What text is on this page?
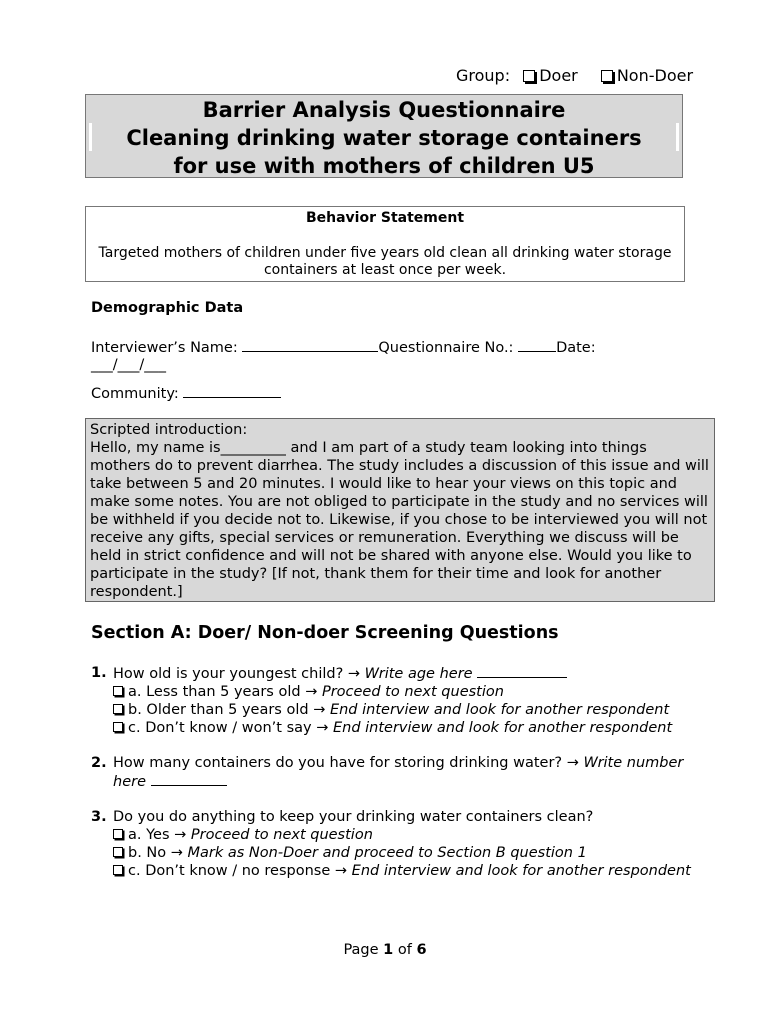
Group: Doer Non-Doer
Barrier Analysis Questionnaire
Cleaning drinking water storage containers
for use with mothers of children U5
Behavior Statement
Targeted mothers of children under five years old clean all drinking water storage containers at least once per week.
Demographic Data
Interviewer’s Name:	Questionnaire No.:	Date:
___/___/___
Community:
Scripted introduction:
Hello, my name is_________ and I am part of a study team looking into things mothers do to prevent diarrhea. The study includes a discussion of this issue and will take between 5 and 20 minutes. I would like to hear your views on this topic and make some notes. You are not obliged to participate in the study and no services will be withheld if you decide not to. Likewise, if you chose to be interviewed you will not receive any gifts, special services or remuneration. Everything we discuss will be held in strict confidence and will not be shared with anyone else. Would you like to participate in the study? [If not, thank them for their time and look for another respondent.]
Section A: Doer/ Non-doer Screening Questions
1. How old is your youngest child? → Write age here
a. Less than 5 years old → Proceed to next question
b. Older than 5 years old → End interview and look for another respondent
c. Don’t know / won’t say → End interview and look for another respondent
2. How many containers do you have for storing drinking water? → Write number here
3. Do you do anything to keep your drinking water containers clean?
a. Yes → Proceed to next question
b. No → Mark as Non-Doer and proceed to Section B question 1
c. Don’t know / no response → End interview and look for another respondent
Page 1 of 6
